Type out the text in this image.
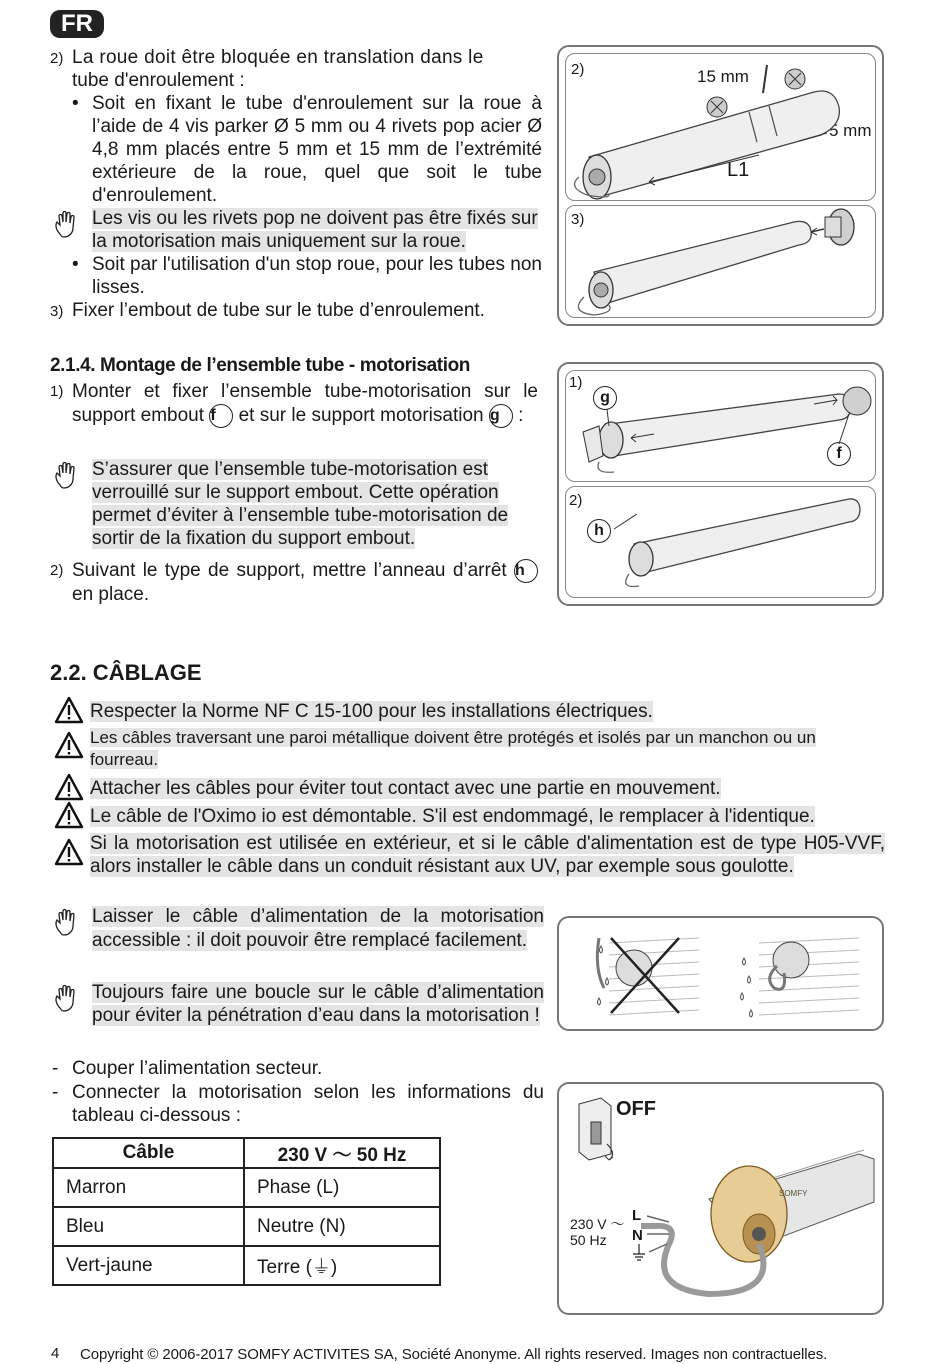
FR
2) La roue doit être bloquée en translation dans le
tube d'enroulement :
• Soit en fixant le tube d'enroulement sur la roue à l’aide de 4 vis parker Ø 5 mm ou 4 rivets pop acier Ø 4,8 mm placés entre 5 mm et 15 mm de l’extrémité extérieure de la roue, quel que soit le tube d'enroulement.
Les vis ou les rivets pop ne doivent pas être fixés sur la motorisation mais uniquement sur la roue.
• Soit par l'utilisation d'un stop roue, pour les tubes non lisses.
3) Fixer l’embout de tube sur le tube d’enroulement.
2)
3)
15 mm
5 mm
L1
2.1.4. Montage de l’ensemble tube - motorisation
1) Monter et fixer l’ensemble tube-motorisation sur le support embout f et sur le support motorisation g :
S’assurer que l’ensemble tube-motorisation est verrouillé sur le support embout. Cette opération permet d’éviter à l’ensemble tube-motorisation de sortir de la fixation du support embout.
2) Suivant le type de support, mettre l’anneau d’arrêt h en place.
1)
2)
g
f
h
2.2. CÂBLAGE
Respecter la Norme NF C 15-100 pour les installations électriques.
Les câbles traversant une paroi métallique doivent être protégés et isolés par un manchon ou un fourreau.
Attacher les câbles pour éviter tout contact avec une partie en mouvement.
Le câble de l'Oximo io est démontable. S'il est endommagé, le remplacer à l'identique.
Si la motorisation est utilisée en extérieur, et si le câble d'alimentation est de type H05-VVF, alors installer le câble dans un conduit résistant aux UV, par exemple sous goulotte.
Laisser le câble d’alimentation de la motorisation accessible : il doit pouvoir être remplacé facilement.
Toujours faire une boucle sur le câble d’alimentation pour éviter la pénétration d’eau dans la motorisation !
- Couper l’alimentation secteur.
- Connecter la motorisation selon les informations du tableau ci-dessous :
Câble	230 V ～ 50 Hz
Marron	Phase (L)
Bleu	Neutre (N)
Vert-jaune	Terre (⏚)
OFF
230 V ～
50 Hz
L
N
SOMFY
4 Copyright © 2006-2017 SOMFY ACTIVITES SA, Société Anonyme. All rights reserved. Images non contractuelles.
